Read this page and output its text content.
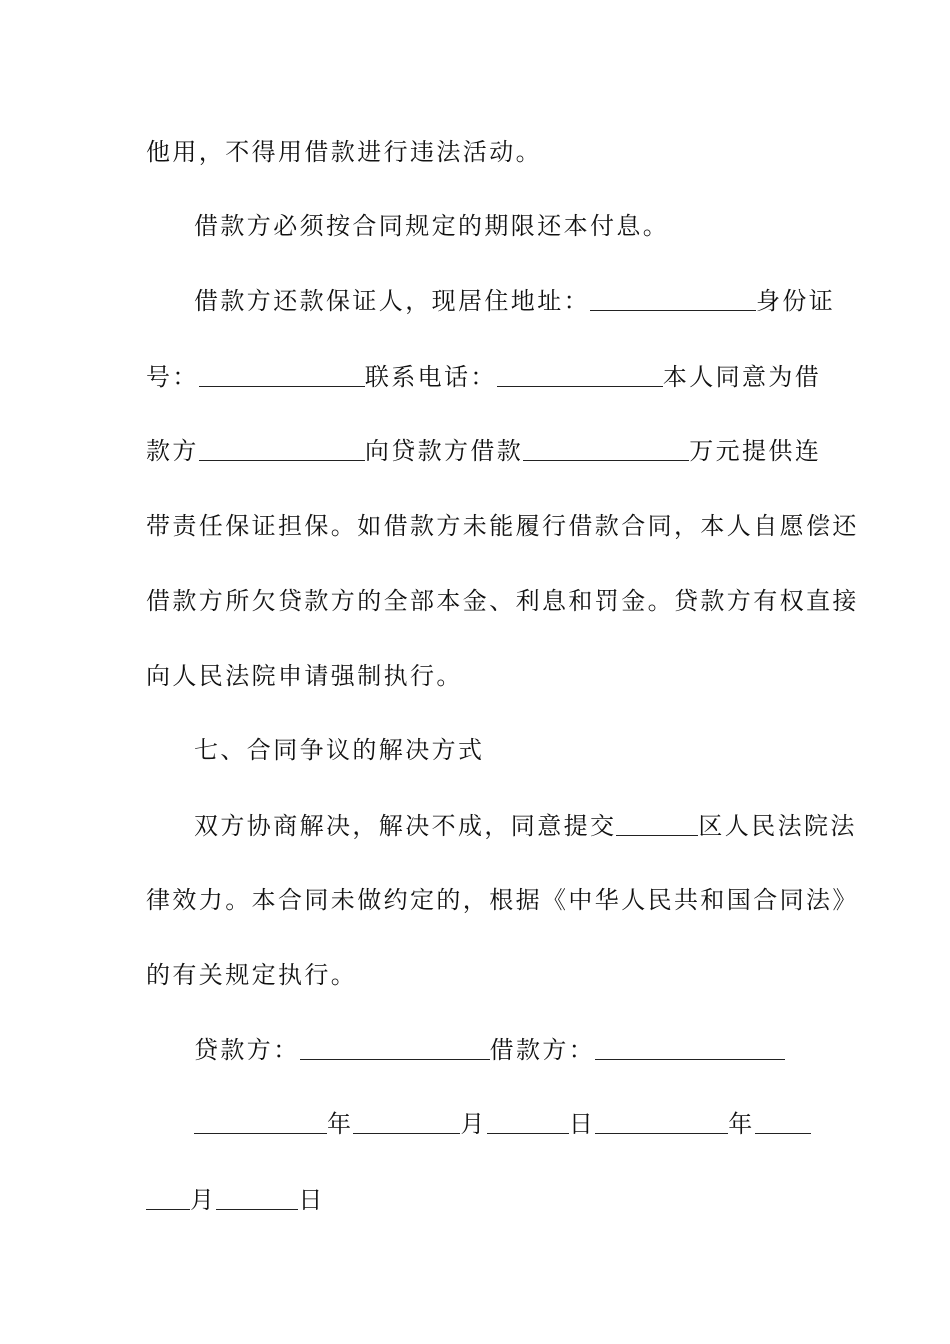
他用，不得用借款进行违法活动。
借款方必须按合同规定的期限还本付息。
借款方还款保证人，现居住地址：	身份证
号：	联系电话：	本人同意为借
款方	向贷款方借款	万元提供连
带责任保证担保。如借款方未能履行借款合同，本人自愿偿还
借款方所欠贷款方的全部本金、利息和罚金。贷款方有权直接
向人民法院申请强制执行。
七、合同争议的解决方式
双方协商解决，解决不成，同意提交	区人民法院法
律效力。本合同未做约定的，根据《中华人民共和国合同法》
的有关规定执行。
贷款方：	借款方：
年	月	日	年
月	日
